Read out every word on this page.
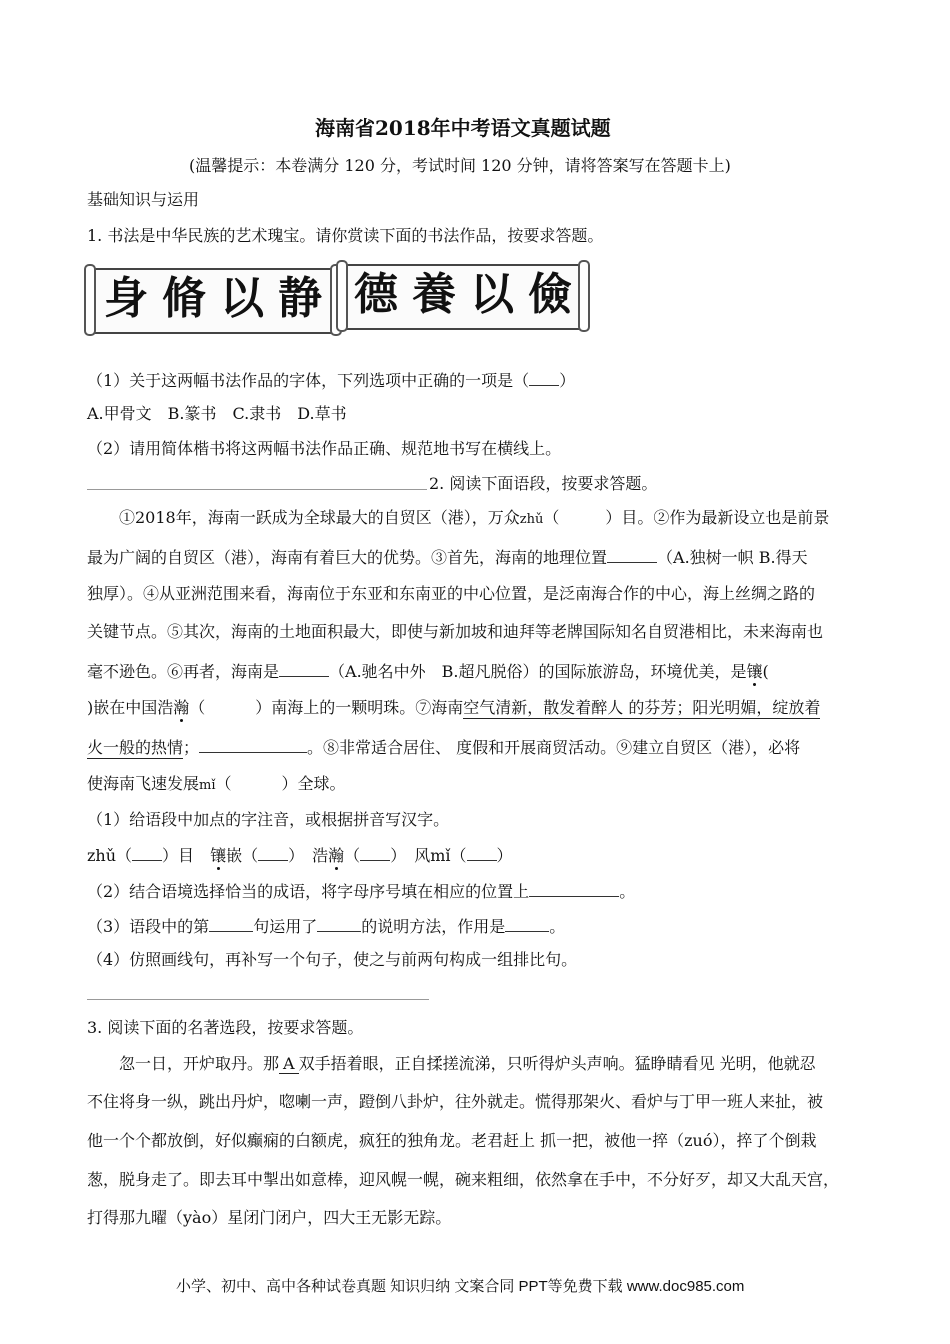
海南省2018年中考语文真题试题
(温馨提示：本卷满分 120 分，考试时间 120 分钟，请将答案写在答题卡上)
基础知识与运用
1. 书法是中华民族的艺术瑰宝。请你赏读下面的书法作品，按要求答题。
身脩以静 德養以儉
（1）关于这两幅书法作品的字体，下列选项中正确的一项是（ ）
A.甲骨文　B.篆书　C.隶书　D.草书
（2）请用简体楷书将这两幅书法作品正确、规范地书写在横线上。
2. 阅读下面语段，按要求答题。
①2018年，海南一跃成为全球最大的自贸区（港），万众zhǔ（	）目。②作为最新设立也是前景
最为广阔的自贸区（港），海南有着巨大的优势。③首先，海南的地理位置	（A.独树一帜 B.得天
独厚）。④从亚洲范围来看，海南位于东亚和东南亚的中心位置，是泛南海合作的中心，海上丝绸之路的
关键节点。⑤其次，海南的土地面积最大，即使与新加坡和迪拜等老牌国际知名自贸港相比，未来海南也
毫不逊色。⑥再者，海南是	（A.驰名中外　B.超凡脱俗）的国际旅游岛，环境优美，是镶(
)嵌在中国浩瀚（	）南海上的一颗明珠。⑦海南空气清新，散发着醉人 的芬芳；阳光明媚，绽放着
火一般的热情；	。⑧非常适合居住、 度假和开展商贸活动。⑨建立自贸区（港），必将
使海南飞速发展mǐ（	）全球。
（1）给语段中加点的字注音，或根据拼音写汉字。
zhǔ（ ）目　 镶嵌（ ）　 浩瀚（ ）　风mǐ（ ）
（2）结合语境选择恰当的成语，将字母序号填在相应的位置上	。
（3）语段中的第	句运用了	的说明方法，作用是	。
（4）仿照画线句，再补写一个句子，使之与前两句构成一组排比句。
3. 阅读下面的名著选段，按要求答题。
忽一日，开炉取丹。那 A 双手捂着眼，正自揉搓流涕，只听得炉头声响。猛睁睛看见 光明，他就忍
不住将身一纵，跳出丹炉，唿喇一声，蹬倒八卦炉，往外就走。慌得那架火、看炉与丁甲一班人来扯，被
他一个个都放倒，好似癫痫的白额虎，疯狂的独角龙。老君赶上 抓一把，被他一捽（zuó），捽了个倒栽
葱，脱身走了。即去耳中掣出如意棒，迎风幌一幌，碗来粗细，依然拿在手中，不分好歹，却又大乱天宫，
打得那九曜（yào）星闭门闭户，四大王无影无踪。
小学、初中、高中各种试卷真题 知识归纳 文案合同 PPT等免费下载 www.doc985.com
